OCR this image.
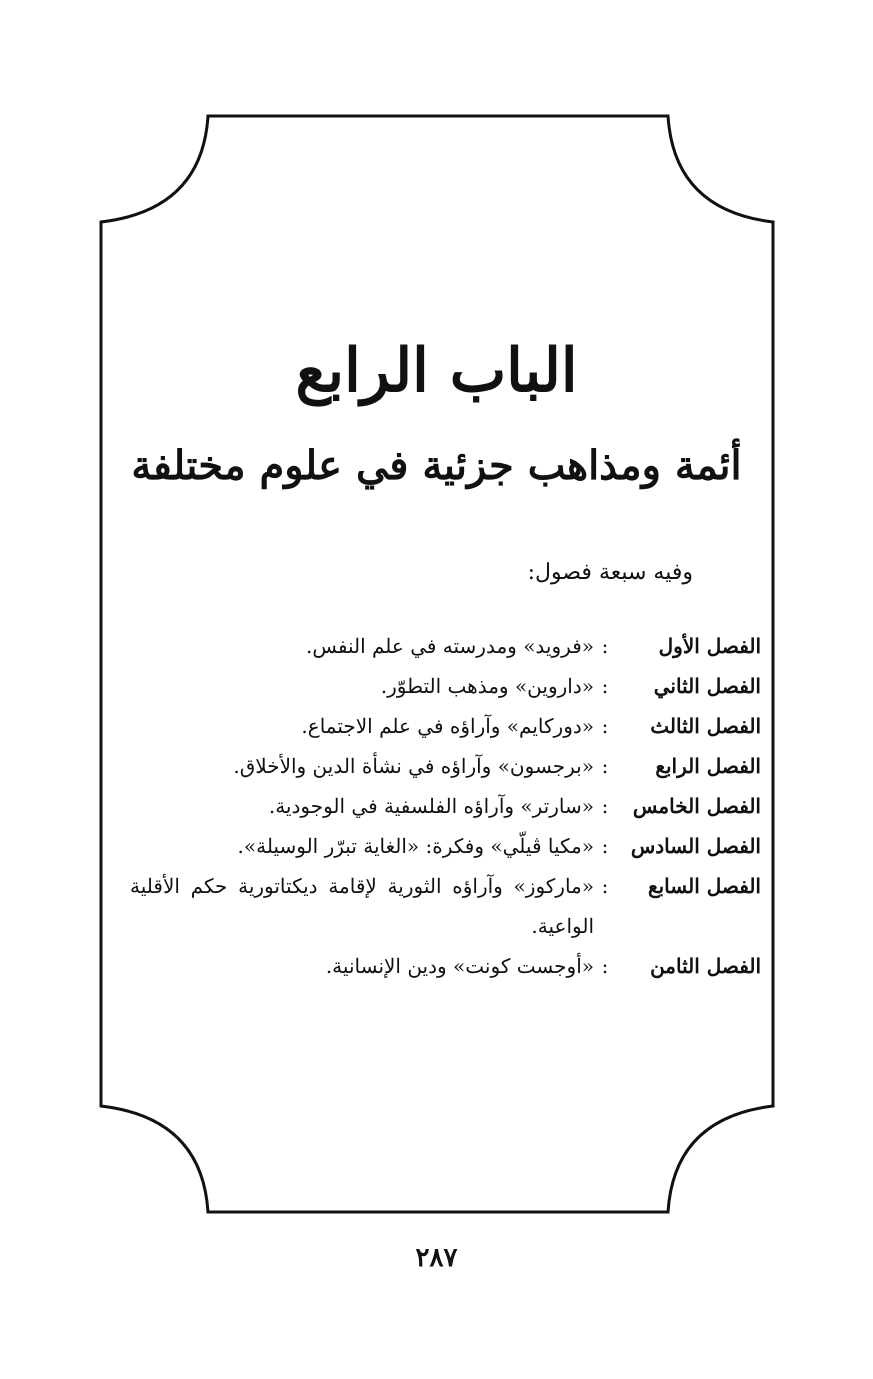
الباب الرابع
أئمة ومذاهب جزئية في علوم مختلفة
وفيه سبعة فصول:
الفصل الأول
:
«فرويد» ومدرسته في علم النفس.
الفصل الثاني
:
«داروين» ومذهب التطوّر.
الفصل الثالث
:
«دوركايم» وآراؤه في علم الاجتماع.
الفصل الرابع
:
«برجسون» وآراؤه في نشأة الدين والأخلاق.
الفصل الخامس
:
«سارتر» وآراؤه الفلسفية في الوجودية.
الفصل السادس
:
«مكيا ڤيلّي» وفكرة: «الغاية تبرّر الوسيلة».
الفصل السابع
:
«ماركوز» وآراؤه الثورية لإقامة ديكتاتورية حكم الأقلية الواعية.
الفصل الثامن
:
«أوجست كونت» ودين الإنسانية.
٢٨٧
